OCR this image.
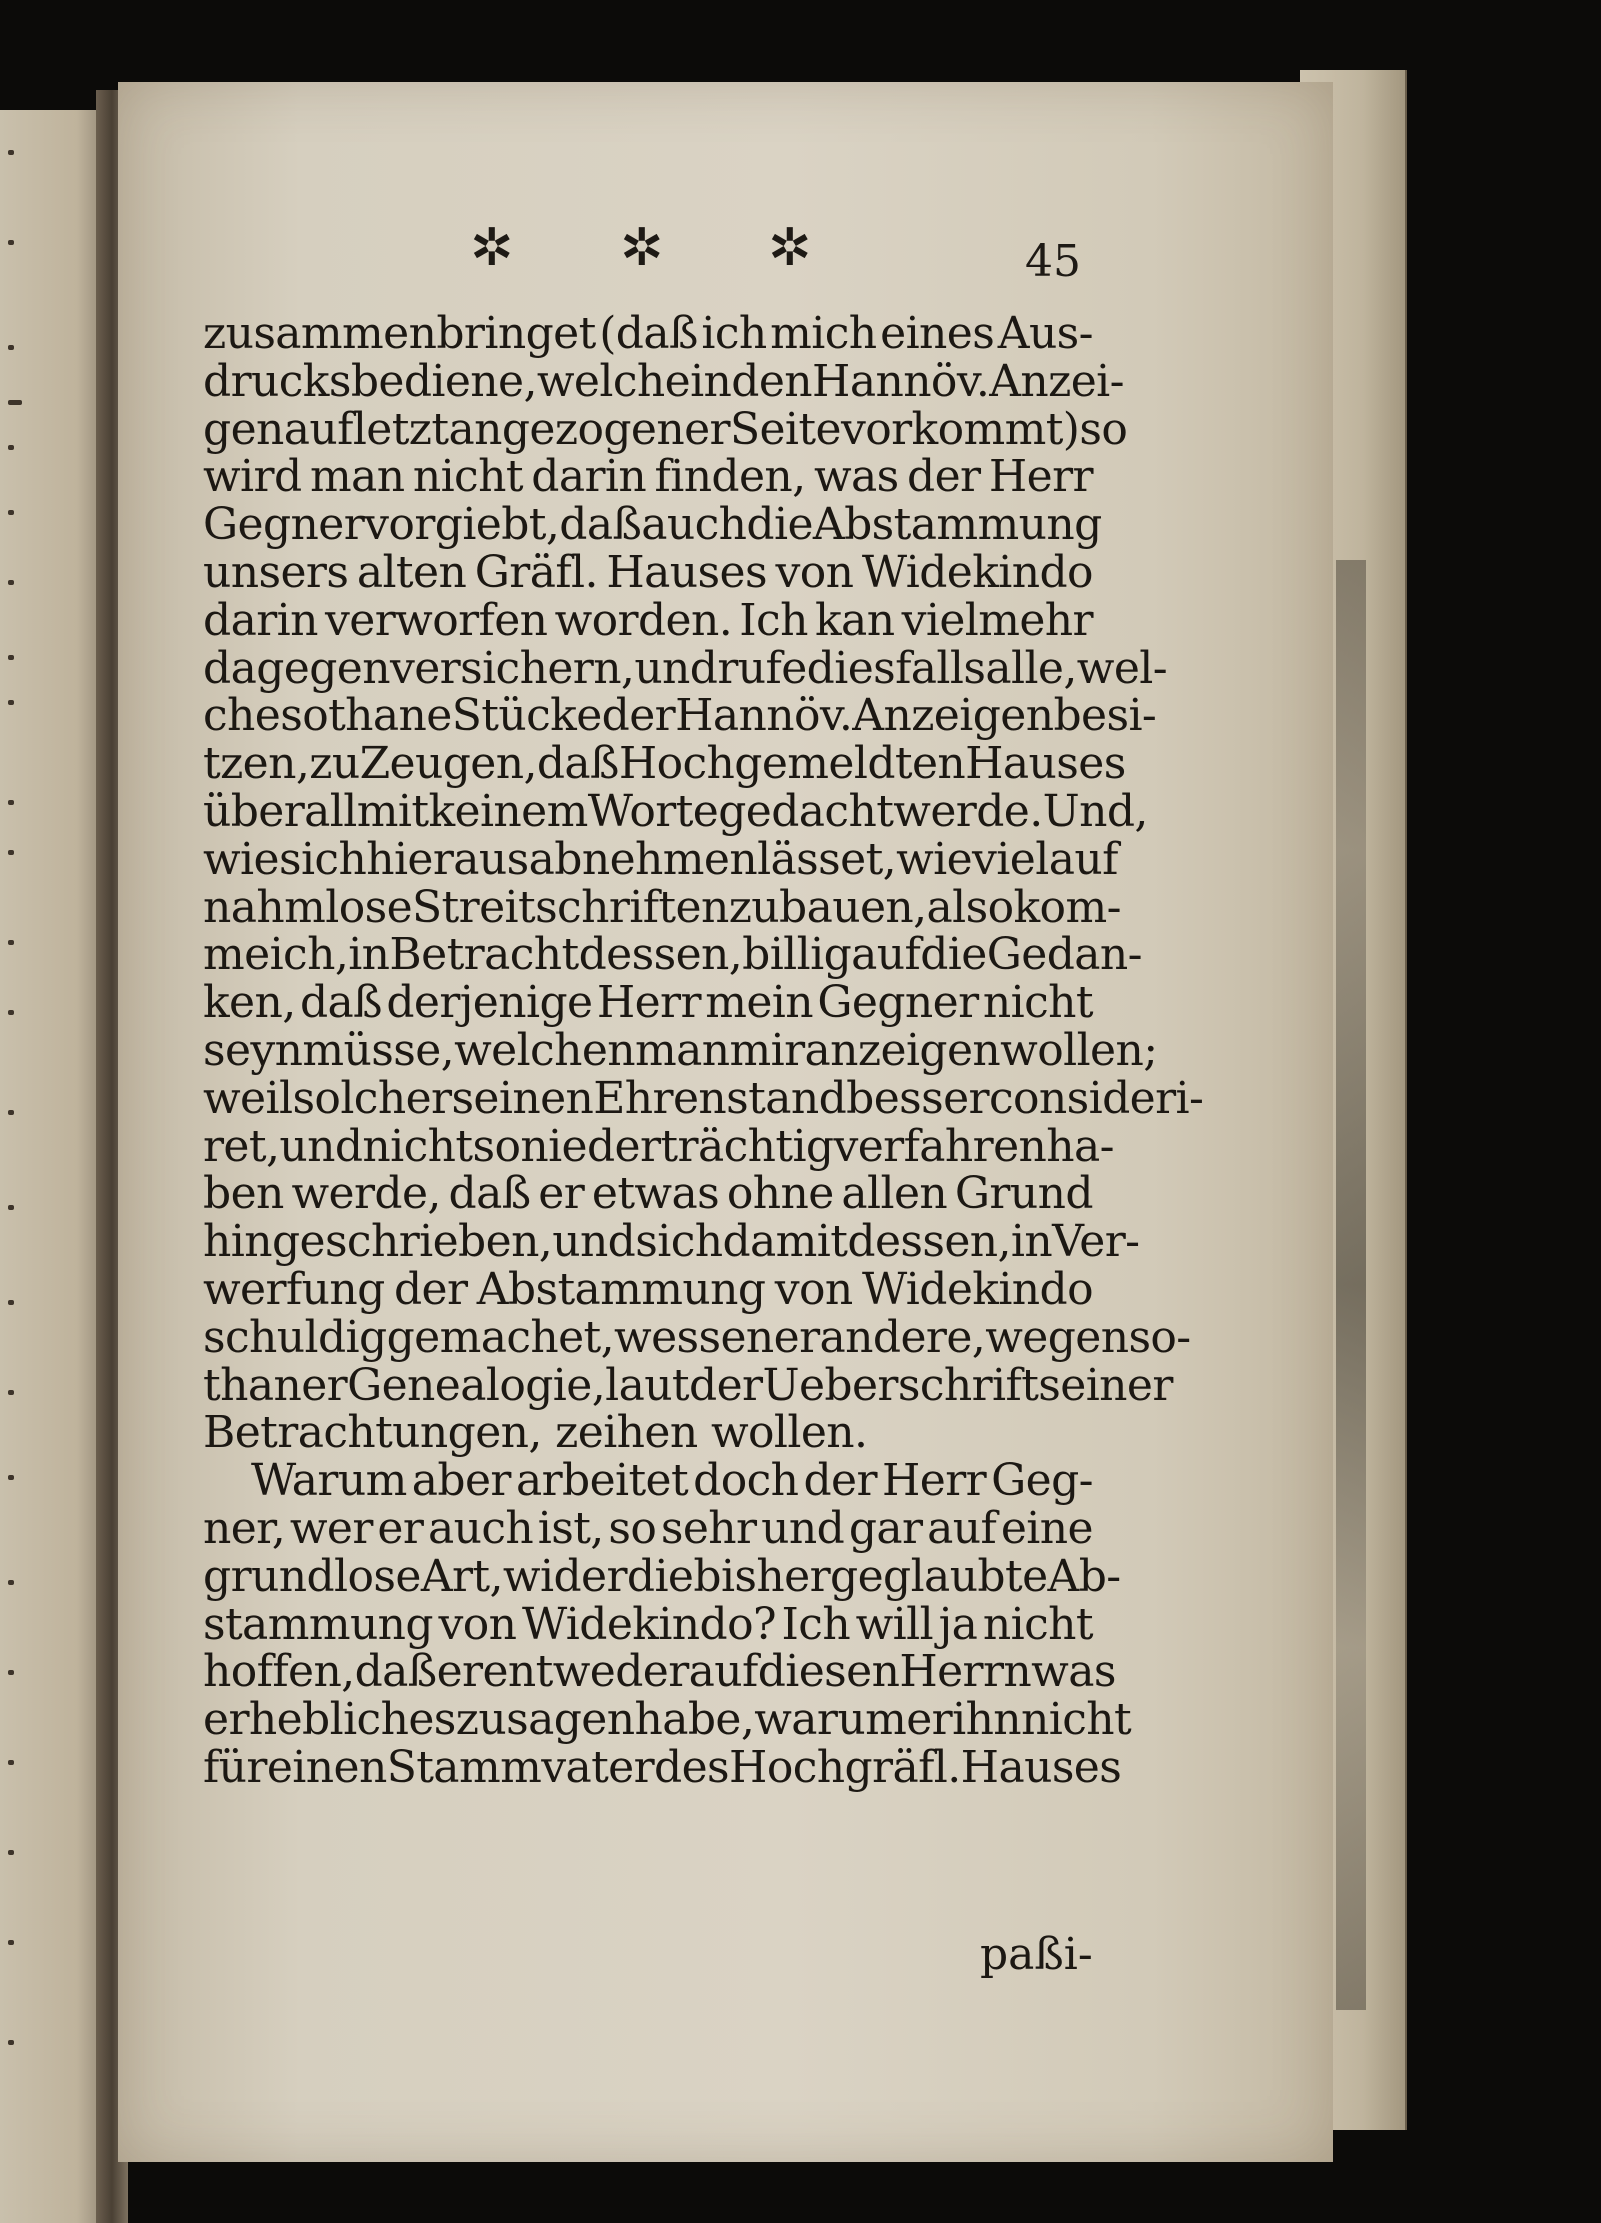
✲ ✲ ✲	45
zusammenbringet (daß ich mich eines Aus-
drucks bediene, welche in den Hannöv. Anzei-
gen auf letzt angezogener Seite vorkommt) so
wird man nicht darin finden, was der Herr
Gegner vorgiebt, daß auch die Abstammung
unsers alten Gräfl. Hauses von Widekindo
darin verworfen worden. Ich kan vielmehr
dagegen versichern, und rufe diesfalls alle, wel-
che sothane Stücke der Hannöv. Anzeigen besi-
tzen, zu Zeugen, daß Hochgemeldten Hauses
überall mit keinem Worte gedacht werde. Und,
wie sich hieraus abnehmen lässet, wie viel auf
nahmlose Streitschriften zu bauen, also kom-
me ich, in Betracht dessen, billig auf die Gedan-
ken, daß derjenige Herr mein Gegner nicht
seyn müsse, welchen man mir anzeigen wollen;
weil solcher seinen Ehrenstand besser consideri-
ret, und nicht so niederträchtig verfahren ha-
ben werde, daß er etwas ohne allen Grund
hingeschrieben, und sich damit dessen, in Ver-
werfung der Abstammung von Widekindo
schuldig gemachet, wessen er andere, wegen so-
thaner Genealogie, laut der Ueberschrift seiner
Betrachtungen, zeihen wollen.
Warum aber arbeitet doch der Herr Geg-
ner, wer er auch ist, so sehr und gar auf eine
grundlose Art, wider die bisher geglaubte Ab-
stammung von Widekindo? Ich will ja nicht
hoffen, daß er entweder auf diesen Herrn was
erhebliches zu sagen habe, warum er ihn nicht
für einen Stammvater des Hochgräfl. Hauses
paßi-
